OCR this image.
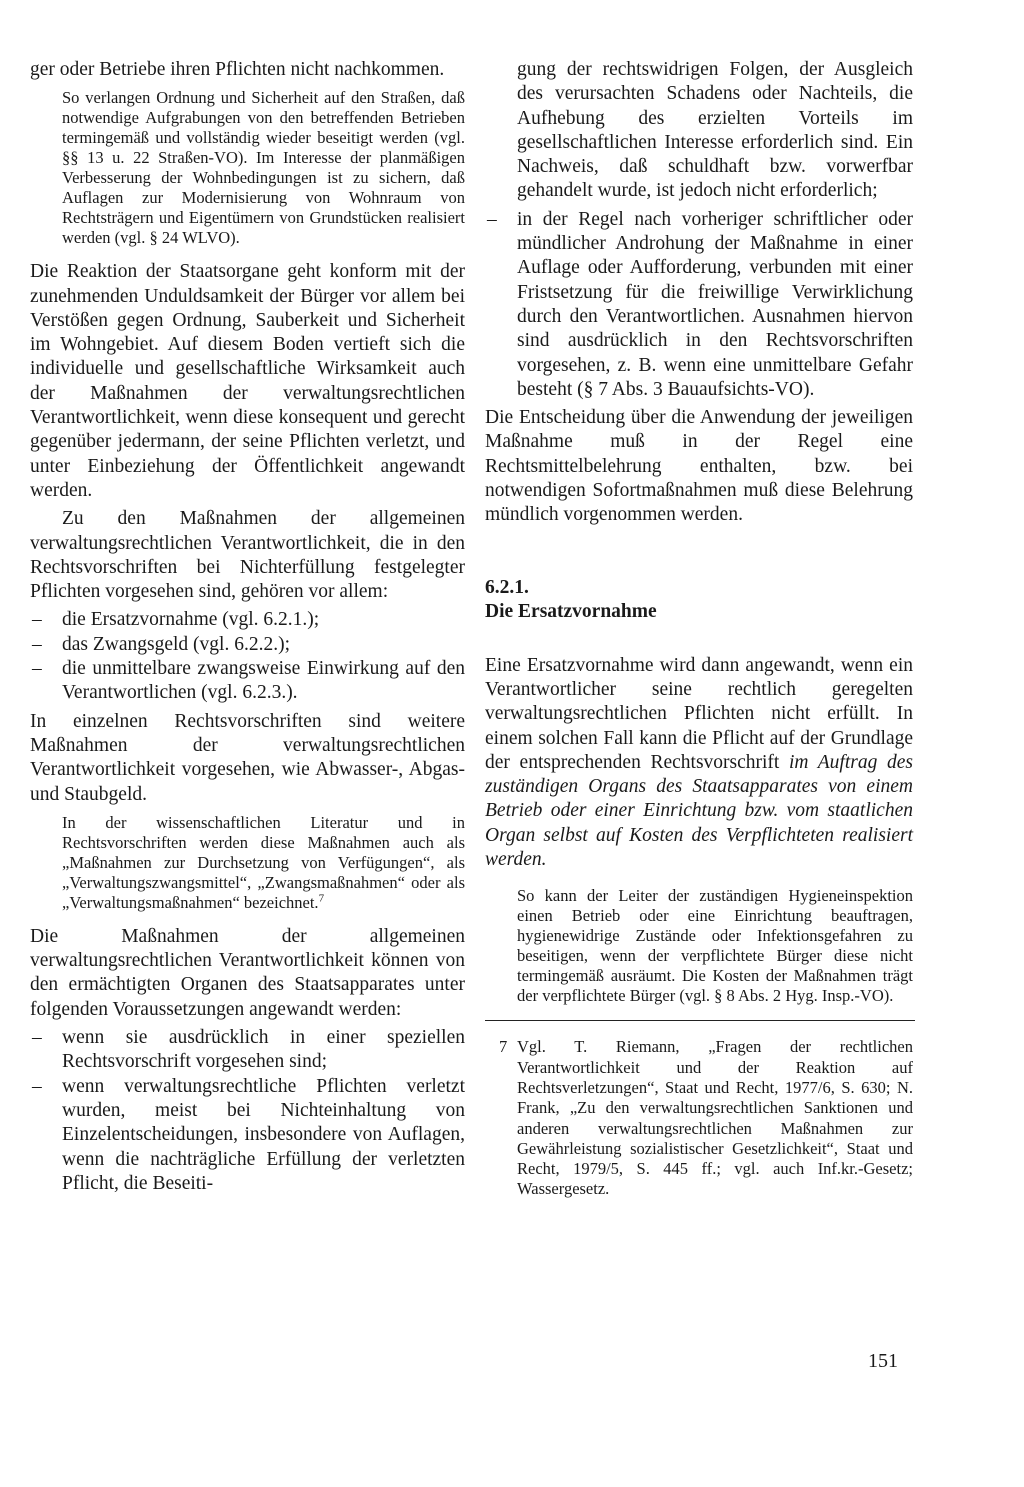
ger oder Betriebe ihren Pflichten nicht nachkommen.

So verlangen Ordnung und Sicherheit auf den Straßen, daß notwendige Aufgrabungen von den betreffenden Betrieben termingemäß und vollständig wieder beseitigt werden (vgl. §§ 13 u. 22 Straßen-VO). Im Interesse der planmäßigen Verbesserung der Wohnbedingungen ist zu sichern, daß Auflagen zur Modernisierung von Wohnraum von Rechtsträgern und Eigentümern von Grundstücken realisiert werden (vgl. § 24 WLVO).

Die Reaktion der Staatsorgane geht konform mit der zunehmenden Unduldsamkeit der Bürger vor allem bei Verstößen gegen Ordnung, Sauberkeit und Sicherheit im Wohngebiet. Auf diesem Boden vertieft sich die individuelle und gesellschaftliche Wirksamkeit auch der Maßnahmen der verwaltungsrechtlichen Verantwortlichkeit, wenn diese konsequent und gerecht gegenüber jedermann, der seine Pflichten verletzt, und unter Einbeziehung der Öffentlichkeit angewandt werden.

Zu den Maßnahmen der allgemeinen verwaltungsrechtlichen Verantwortlichkeit, die in den Rechtsvorschriften bei Nichterfüllung festgelegter Pflichten vorgesehen sind, gehören vor allem:

– die Ersatzvornahme (vgl. 6.2.1.);
– das Zwangsgeld (vgl. 6.2.2.);
– die unmittelbare zwangsweise Einwirkung auf den Verantwortlichen (vgl. 6.2.3.).

In einzelnen Rechtsvorschriften sind weitere Maßnahmen der verwaltungsrechtlichen Verantwortlichkeit vorgesehen, wie Abwasser-, Abgas- und Staubgeld.

In der wissenschaftlichen Literatur und in Rechtsvorschriften werden diese Maßnahmen auch als „Maßnahmen zur Durchsetzung von Verfügungen“, als „Verwaltungszwangsmittel“, „Zwangsmaßnahmen“ oder als „Verwaltungsmaßnahmen“ bezeichnet.$^7$

Die Maßnahmen der allgemeinen verwaltungsrechtlichen Verantwortlichkeit können von den ermächtigten Organen des Staatsapparates unter folgenden Voraussetzungen angewandt werden:

– wenn sie ausdrücklich in einer speziellen Rechtsvorschrift vorgesehen sind;
– wenn verwaltungsrechtliche Pflichten verletzt wurden, meist bei Nichteinhaltung von Einzelentscheidungen, insbesondere von Auflagen, wenn die nachträgliche Erfüllung der verletzten Pflicht, die Beseiti-

gung der rechtswidrigen Folgen, der Ausgleich des verursachten Schadens oder Nachteils, die Aufhebung des erzielten Vorteils im gesellschaftlichen Interesse erforderlich sind. Ein Nachweis, daß schuldhaft bzw. vorwerfbar gehandelt wurde, ist jedoch nicht erforderlich;

– in der Regel nach vorheriger schriftlicher oder mündlicher Androhung der Maßnahme in einer Auflage oder Aufforderung, verbunden mit einer Fristsetzung für die freiwillige Verwirklichung durch den Verantwortlichen. Ausnahmen hiervon sind ausdrücklich in den Rechtsvorschriften vorgesehen, z. B. wenn eine unmittelbare Gefahr besteht (§ 7 Abs. 3 Bauaufsichts-VO).

Die Entscheidung über die Anwendung der jeweiligen Maßnahme muß in der Regel eine Rechtsmittelbelehrung enthalten, bzw. bei notwendigen Sofortmaßnahmen muß diese Belehrung mündlich vorgenommen werden.

6.2.1.
Die Ersatzvornahme

Eine Ersatzvornahme wird dann angewandt, wenn ein Verantwortlicher seine rechtlich geregelten verwaltungsrechtlichen Pflichten nicht erfüllt. In einem solchen Fall kann die Pflicht auf der Grundlage der entsprechenden Rechtsvorschrift im Auftrag des zuständigen Organs des Staatsapparates von einem Betrieb oder einer Einrichtung bzw. vom staatlichen Organ selbst auf Kosten des Verpflichteten realisiert werden.

So kann der Leiter der zuständigen Hygieneinspektion einen Betrieb oder eine Einrichtung beauftragen, hygienewidrige Zustände oder Infektionsgefahren zu beseitigen, wenn der verpflichtete Bürger diese nicht termingemäß ausräumt. Die Kosten der Maßnahmen trägt der verpflichtete Bürger (vgl. § 8 Abs. 2 Hyg. Insp.-VO).

7 Vgl. T. Riemann, „Fragen der rechtlichen Verantwortlichkeit und der Reaktion auf Rechtsverletzungen“, Staat und Recht, 1977/6, S. 630; N. Frank, „Zu den verwaltungsrechtlichen Sanktionen und anderen verwaltungsrechtlichen Maßnahmen zur Gewährleistung sozialistischer Gesetzlichkeit“, Staat und Recht, 1979/5, S. 445 ff.; vgl. auch Inf.kr.-Gesetz; Wassergesetz.

151
